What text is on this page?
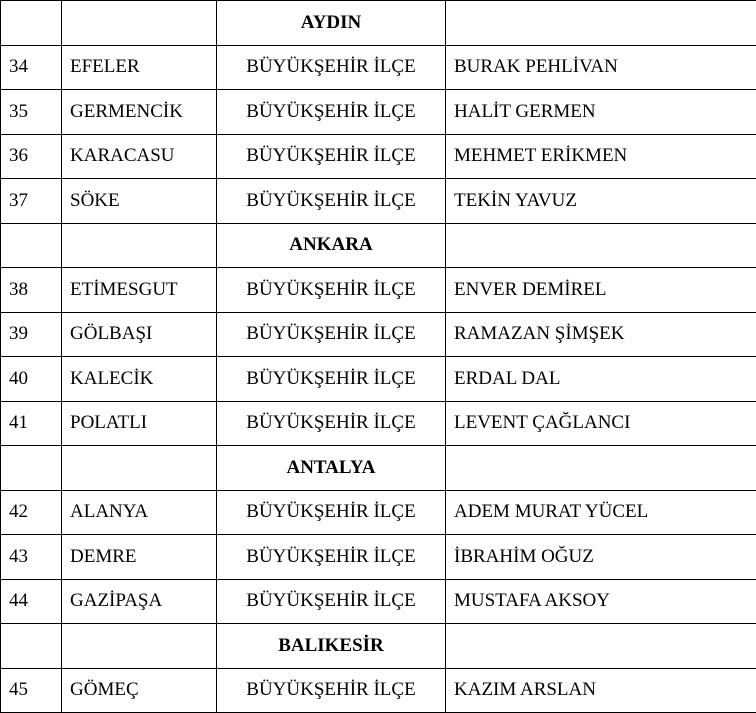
		AYDIN	
34	EFELER	BÜYÜKŞEHİR İLÇE	BURAK PEHLİVAN
35	GERMENCİK	BÜYÜKŞEHİR İLÇE	HALİT GERMEN
36	KARACASU	BÜYÜKŞEHİR İLÇE	MEHMET ERİKMEN
37	SÖKE	BÜYÜKŞEHİR İLÇE	TEKİN YAVUZ
		ANKARA	
38	ETİMESGUT	BÜYÜKŞEHİR İLÇE	ENVER DEMİREL
39	GÖLBAŞI	BÜYÜKŞEHİR İLÇE	RAMAZAN ŞİMŞEK
40	KALECİK	BÜYÜKŞEHİR İLÇE	ERDAL DAL
41	POLATLI	BÜYÜKŞEHİR İLÇE	LEVENT ÇAĞLANCI
		ANTALYA	
42	ALANYA	BÜYÜKŞEHİR İLÇE	ADEM MURAT YÜCEL
43	DEMRE	BÜYÜKŞEHİR İLÇE	İBRAHİM OĞUZ
44	GAZİPAŞA	BÜYÜKŞEHİR İLÇE	MUSTAFA AKSOY
		BALIKESİR	
45	GÖMEÇ	BÜYÜKŞEHİR İLÇE	KAZIM ARSLAN
